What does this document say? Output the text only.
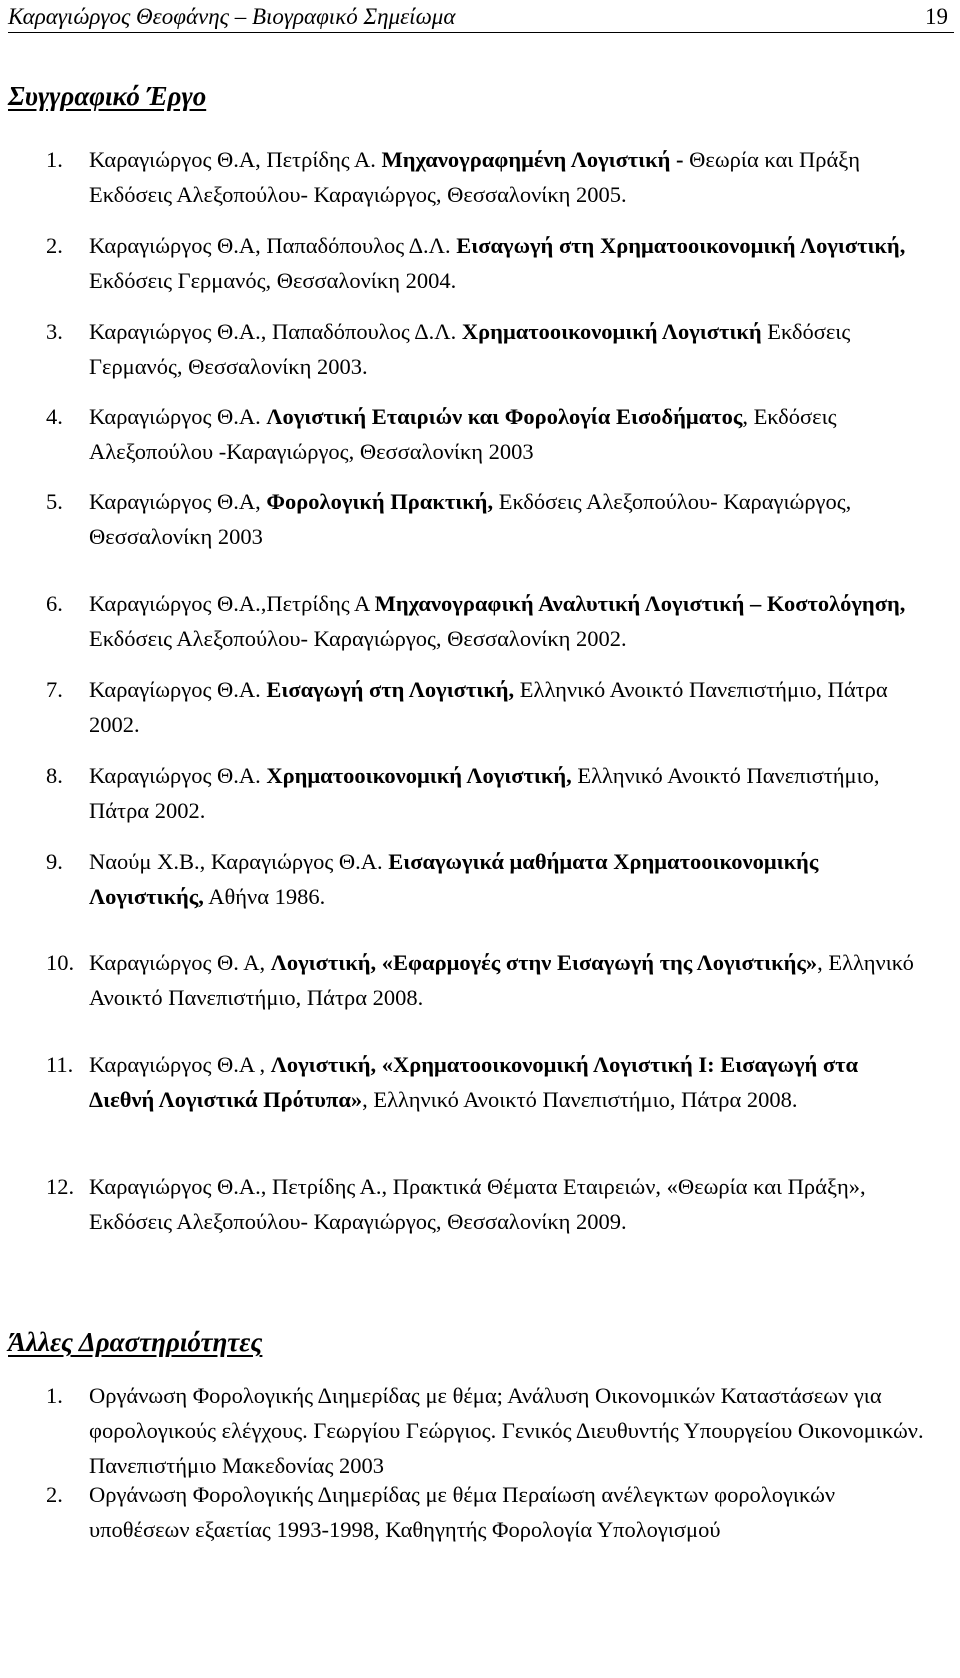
Καραγιώργος Θεοφάνης – Βιογραφικό Σημείωμα	19
Συγγραφικό Έργο
1. Καραγιώργος Θ.Α, Πετρίδης Α. Μηχανογραφημένη Λογιστική - Θεωρία και Πράξη Εκδόσεις Αλεξοπούλου- Καραγιώργος, Θεσσαλονίκη 2005.
2. Καραγιώργος Θ.Α, Παπαδόπουλος Δ.Λ. Εισαγωγή στη Χρηματοοικονομική Λογιστική, Εκδόσεις Γερμανός, Θεσσαλονίκη 2004.
3. Καραγιώργος Θ.Α., Παπαδόπουλος Δ.Λ. Χρηματοοικονομική Λογιστική Εκδόσεις Γερμανός, Θεσσαλονίκη 2003.
4. Καραγιώργος Θ.Α. Λογιστική Εταιριών και Φορολογία Εισοδήματος, Εκδόσεις Αλεξοπούλου -Καραγιώργος, Θεσσαλονίκη 2003
5. Καραγιώργος Θ.Α, Φορολογική Πρακτική, Εκδόσεις Αλεξοπούλου- Καραγιώργος, Θεσσαλονίκη 2003
6. Καραγιώργος Θ.Α.,Πετρίδης Α Μηχανογραφική Αναλυτική Λογιστική – Κοστολόγηση, Εκδόσεις Αλεξοπούλου- Καραγιώργος, Θεσσαλονίκη 2002.
7. Καραγίωργος Θ.Α. Εισαγωγή στη Λογιστική, Ελληνικό Ανοικτό Πανεπιστήμιο, Πάτρα 2002.
8. Καραγιώργος Θ.Α. Χρηματοοικονομική Λογιστική, Ελληνικό Ανοικτό Πανεπιστήμιο, Πάτρα 2002.
9. Ναούμ Χ.Β., Καραγιώργος Θ.Α. Εισαγωγικά μαθήματα Χρηματοοικονομικής Λογιστικής, Αθήνα 1986.
10. Καραγιώργος Θ. Α, Λογιστική, «Εφαρμογές στην Εισαγωγή της Λογιστικής», Ελληνικό Ανοικτό Πανεπιστήμιο, Πάτρα 2008.
11. Καραγιώργος Θ.Α , Λογιστική, «Χρηματοοικονομική Λογιστική Ι: Εισαγωγή στα Διεθνή Λογιστικά Πρότυπα», Ελληνικό Ανοικτό Πανεπιστήμιο, Πάτρα 2008.
12. Καραγιώργος Θ.Α., Πετρίδης Α., Πρακτικά Θέματα Εταιρειών, «Θεωρία και Πράξη», Εκδόσεις Αλεξοπούλου- Καραγιώργος, Θεσσαλονίκη 2009.
Άλλες Δραστηριότητες
1. Οργάνωση Φορολογικής Διημερίδας με θέμα; Ανάλυση Οικονομικών Καταστάσεων για φορολογικούς ελέγχους. Γεωργίου Γεώργιος. Γενικός Διευθυντής Υπουργείου Οικονομικών. Πανεπιστήμιο Μακεδονίας 2003
2. Οργάνωση Φορολογικής Διημερίδας με θέμα Περαίωση ανέλεγκτων φορολογικών υποθέσεων εξαετίας 1993-1998, Καθηγητής Φορολογία Υπολογισμού
